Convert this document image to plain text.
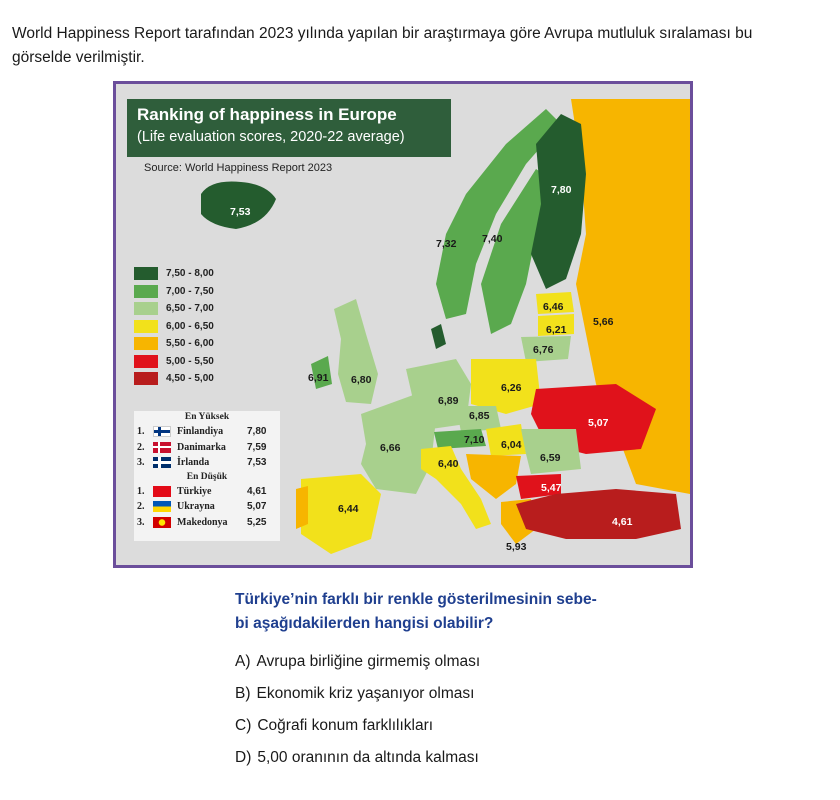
World Happiness Report tarafından 2023 yılında yapılan bir araştırmaya göre Avrupa mutluluk sıralaması bu
görselde verilmiştir.
Ranking of happiness in Europe
(Life evaluation scores, 2020-22 average)
Source: World Happiness Report 2023
7,50 - 8,00
7,00 - 7,50
6,50 - 7,00
6,00 - 6,50
5,50 - 6,00
5,00 - 5,50
4,50 - 5,00
En Yüksek
1.	Finlandiya	7,80
2.	Danimarka	7,59
3.	İrlanda	7,53
En Düşük
1.	Türkiye	4,61
2.	Ukrayna	5,07
3.	Makedonya	5,25
7,53
7,80
7,32 7,40
6,46
6,21
5,66
6,76
6,91 6,80
6,89
6,26
6,85
5,07
6,66
7,10 6,04
6,59
6,40
5,47
6,44
4,61
5,93
Türkiye’nin farklı bir renkle gösterilmesinin sebe-
bi aşağıdakilerden hangisi olabilir?
A) Avrupa birliğine girmemiş olması
B) Ekonomik kriz yaşanıyor olması
C) Coğrafi konum farklılıkları
D) 5,00 oranının da altında kalması
